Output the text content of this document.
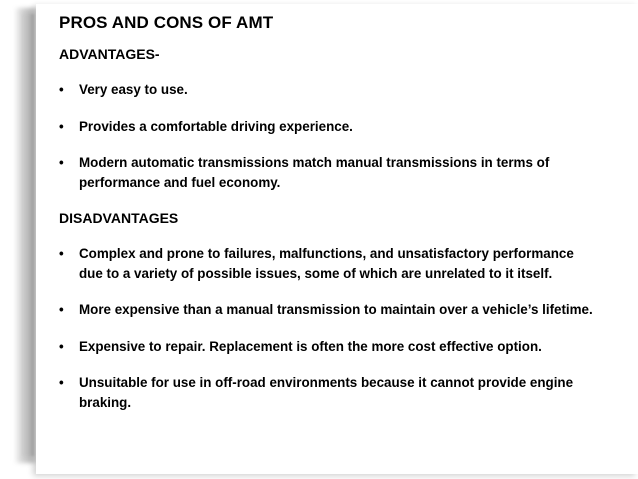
PROS AND CONS OF AMT
ADVANTAGES-
• Very easy to use.
• Provides a comfortable driving experience.
• Modern automatic transmissions match manual transmissions in terms of performance and fuel economy.
DISADVANTAGES
• Complex and prone to failures, malfunctions, and unsatisfactory performance due to a variety of possible issues, some of which are unrelated to it itself.
• More expensive than a manual transmission to maintain over a vehicle’s lifetime.
• Expensive to repair. Replacement is often the more cost effective option.
• Unsuitable for use in off-road environments because it cannot provide engine braking.
